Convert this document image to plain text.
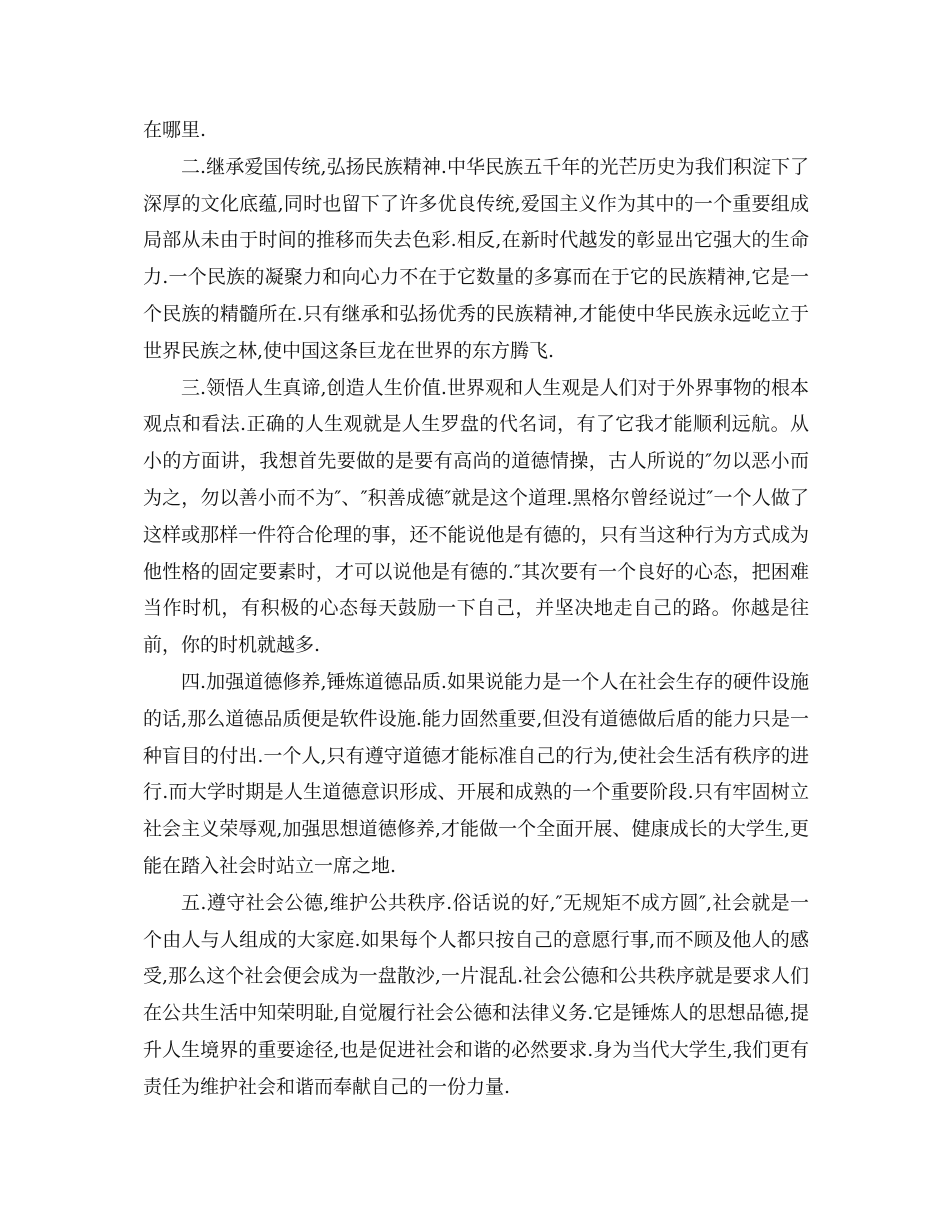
在哪里.

二.继承爱国传统,弘扬民族精神.中华民族五千年的光芒历史为我们积淀下了深厚的文化底蕴,同时也留下了许多优良传统,爱国主义作为其中的一个重要组成局部从未由于时间的推移而失去色彩.相反,在新时代越发的彰显出它强大的生命力.一个民族的凝聚力和向心力不在于它数量的多寡而在于它的民族精神,它是一个民族的精髓所在.只有继承和弘扬优秀的民族精神,才能使中华民族永远屹立于世界民族之林,使中国这条巨龙在世界的东方腾飞.

三.领悟人生真谛,创造人生价值.世界观和人生观是人们对于外界事物的根本观点和看法.正确的人生观就是人生罗盘的代名词，有了它我才能顺利远航。从小的方面讲，我想首先要做的是要有高尚的道德情操，古人所说的″勿以恶小而为之，勿以善小而不为″、″积善成德″就是这个道理.黑格尔曾经说过″一个人做了这样或那样一件符合伦理的事，还不能说他是有德的，只有当这种行为方式成为他性格的固定要素时，才可以说他是有德的.″其次要有一个良好的心态，把困难当作时机，有积极的心态每天鼓励一下自己，并坚决地走自己的路。你越是往前，你的时机就越多.

四.加强道德修养,锤炼道德品质.如果说能力是一个人在社会生存的硬件设施的话,那么道德品质便是软件设施.能力固然重要,但没有道德做后盾的能力只是一种盲目的付出.一个人,只有遵守道德才能标准自己的行为,使社会生活有秩序的进行.而大学时期是人生道德意识形成、开展和成熟的一个重要阶段.只有牢固树立社会主义荣辱观,加强思想道德修养,才能做一个全面开展、健康成长的大学生,更能在踏入社会时站立一席之地.

五.遵守社会公德,维护公共秩序.俗话说的好,″无规矩不成方圆″,社会就是一个由人与人组成的大家庭.如果每个人都只按自己的意愿行事,而不顾及他人的感受,那么这个社会便会成为一盘散沙,一片混乱.社会公德和公共秩序就是要求人们在公共生活中知荣明耻,自觉履行社会公德和法律义务.它是锤炼人的思想品德,提升人生境界的重要途径,也是促进社会和谐的必然要求.身为当代大学生,我们更有责任为维护社会和谐而奉献自己的一份力量.
